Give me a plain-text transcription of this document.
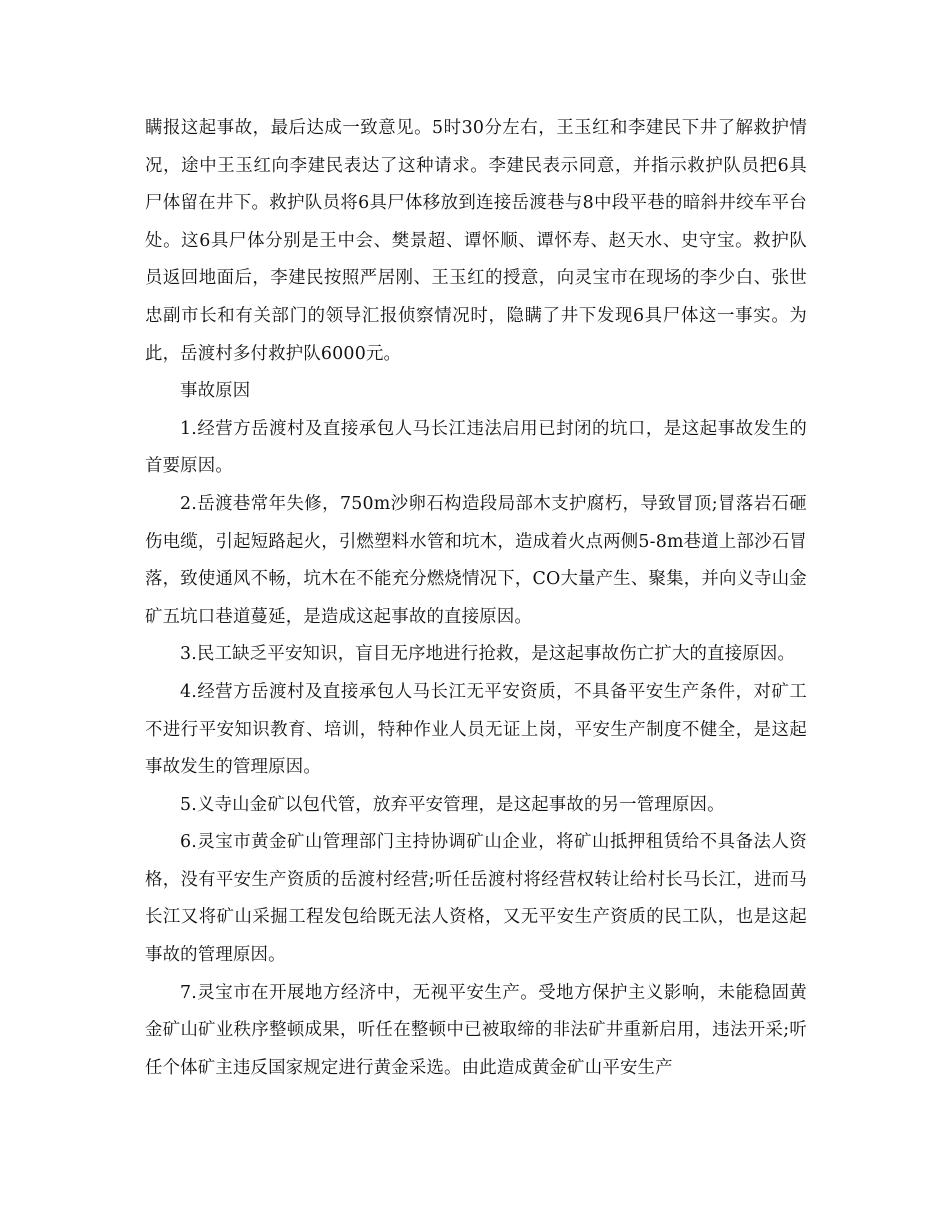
瞒报这起事故，最后达成一致意见。5时30分左右，王玉红和李建民下井了解救护情况，途中王玉红向李建民表达了这种请求。李建民表示同意，并指示救护队员把6具尸体留在井下。救护队员将6具尸体移放到连接岳渡巷与8中段平巷的暗斜井绞车平台处。这6具尸体分别是王中会、樊景超、谭怀顺、谭怀寿、赵天水、史守宝。救护队员返回地面后，李建民按照严居刚、王玉红的授意，向灵宝市在现场的李少白、张世忠副市长和有关部门的领导汇报侦察情况时，隐瞒了井下发现6具尸体这一事实。为此，岳渡村多付救护队6000元。

事故原因

1.经营方岳渡村及直接承包人马长江违法启用已封闭的坑口，是这起事故发生的首要原因。

2.岳渡巷常年失修，750m沙卵石构造段局部木支护腐朽，导致冒顶;冒落岩石砸伤电缆，引起短路起火，引燃塑料水管和坑木，造成着火点两侧5-8m巷道上部沙石冒落，致使通风不畅，坑木在不能充分燃烧情况下，CO大量产生、聚集，并向义寺山金矿五坑口巷道蔓延，是造成这起事故的直接原因。

3.民工缺乏平安知识，盲目无序地进行抢救，是这起事故伤亡扩大的直接原因。

4.经营方岳渡村及直接承包人马长江无平安资质，不具备平安生产条件，对矿工不进行平安知识教育、培训，特种作业人员无证上岗，平安生产制度不健全，是这起事故发生的管理原因。

5.义寺山金矿以包代管，放弃平安管理，是这起事故的另一管理原因。

6.灵宝市黄金矿山管理部门主持协调矿山企业，将矿山抵押租赁给不具备法人资格，没有平安生产资质的岳渡村经营;听任岳渡村将经营权转让给村长马长江，进而马长江又将矿山采掘工程发包给既无法人资格，又无平安生产资质的民工队，也是这起事故的管理原因。

7.灵宝市在开展地方经济中，无视平安生产。受地方保护主义影响，未能稳固黄金矿山矿业秩序整顿成果，听任在整顿中已被取缔的非法矿井重新启用，违法开采;听任个体矿主违反国家规定进行黄金采选。由此造成黄金矿山平安生产
